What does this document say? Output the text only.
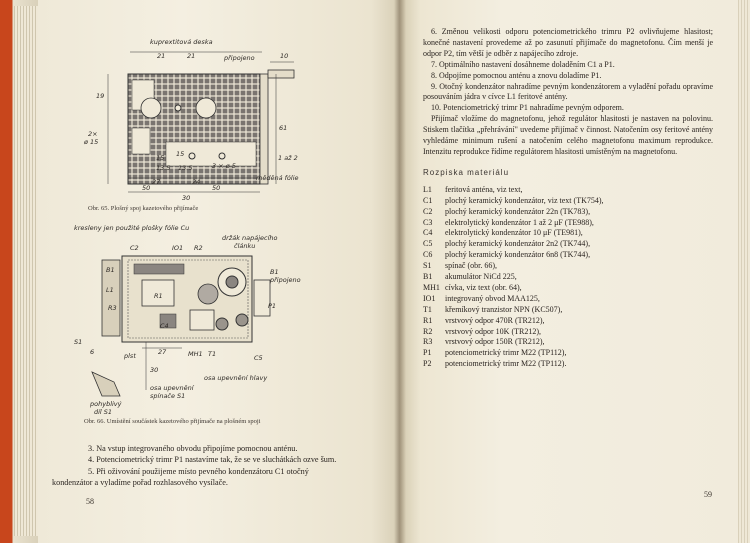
kuprextitová deska
připojeno
21	21	10
19
2×
ø 15
61
1 až 2
měděná fólie
15 15
13.5 13.5	3 × ø 5
27	24
50	50
30
Obr. 65. Plošný spoj kazetového přijímače
kresleny jen použité plošky fólie Cu
C2	IO1 R2
držák napájecího
článku
B1	B1
připojeno
L1
R3
R1
C4
P1
S1
6	plst	27	MH1 T1	C5
30
osa upevnění hlavy
osa upevnění
spínače S1
pohyblivý
díl S1
Obr. 66. Umístění součástek kazetového přijímače na plošném spoji

3. Na vstup integrovaného obvodu připojíme pomocnou anténu.

4. Potenciometrický trimr P1 nastavíme tak, že se ve sluchátkách ozve šum.

5. Při oživování použijeme místo pevného kondenzátoru C1 otočný kondenzátor a vyladíme pořad rozhlasového vysílače.

58

6. Změnou velikosti odporu potenciometrického trimru P2 ovlivňujeme hlasitost; konečné nastavení provedeme až po zasunutí přijímače do magnetofonu. Čím menší je odpor P2, tím větší je odběr z napájecího zdroje.

7. Optimálního nastavení dosáhneme doladěním C1 a P1.

8. Odpojíme pomocnou anténu a znovu doladíme P1.

9. Otočný kondenzátor nahradíme pevným kondenzátorem a vyladění pořadu opravíme posouváním jádra v cívce L1 feritové antény.

10. Potenciometrický trimr P1 nahradíme pevným odporem.

Přijímač vložíme do magnetofonu, jehož regulátor hlasitosti je nastaven na polovinu. Stiskem tlačítka „přehrávání" uvedeme přijímač v činnost. Natočením osy feritové antény vyhledáme minimum rušení a natočením celého magnetofonu maximum reprodukce. Intenzitu reprodukce řídíme regulátorem hlasitosti umístěným na magnetofonu.

Rozpiska materiálu

L1	feritová anténa, viz text,
C1	plochý keramický kondenzátor, viz text (TK754),
C2	plochý keramický kondenzátor 22n (TK783),
C3	elektrolytický kondenzátor 1 až 2 μF (TE988),
C4	elektrolytický kondenzátor 10 μF (TE981),
C5	plochý keramický kondenzátor 2n2 (TK744),
C6	plochý keramický kondenzátor 6n8 (TK744),
S1	spínač (obr. 66),
B1	akumulátor NiCd 225,
MH1 cívka, viz text (obr. 64),
IO1	integrovaný obvod MAA125,
T1	křemíkový tranzistor NPN (KC507),
R1	vrstvový odpor 470R (TR212),
R2	vrstvový odpor 10K (TR212),
R3	vrstvový odpor 150R (TR212),
P1	potenciometrický trimr M22 (TP112),
P2	potenciometrický trimr M22 (TP112).
59
